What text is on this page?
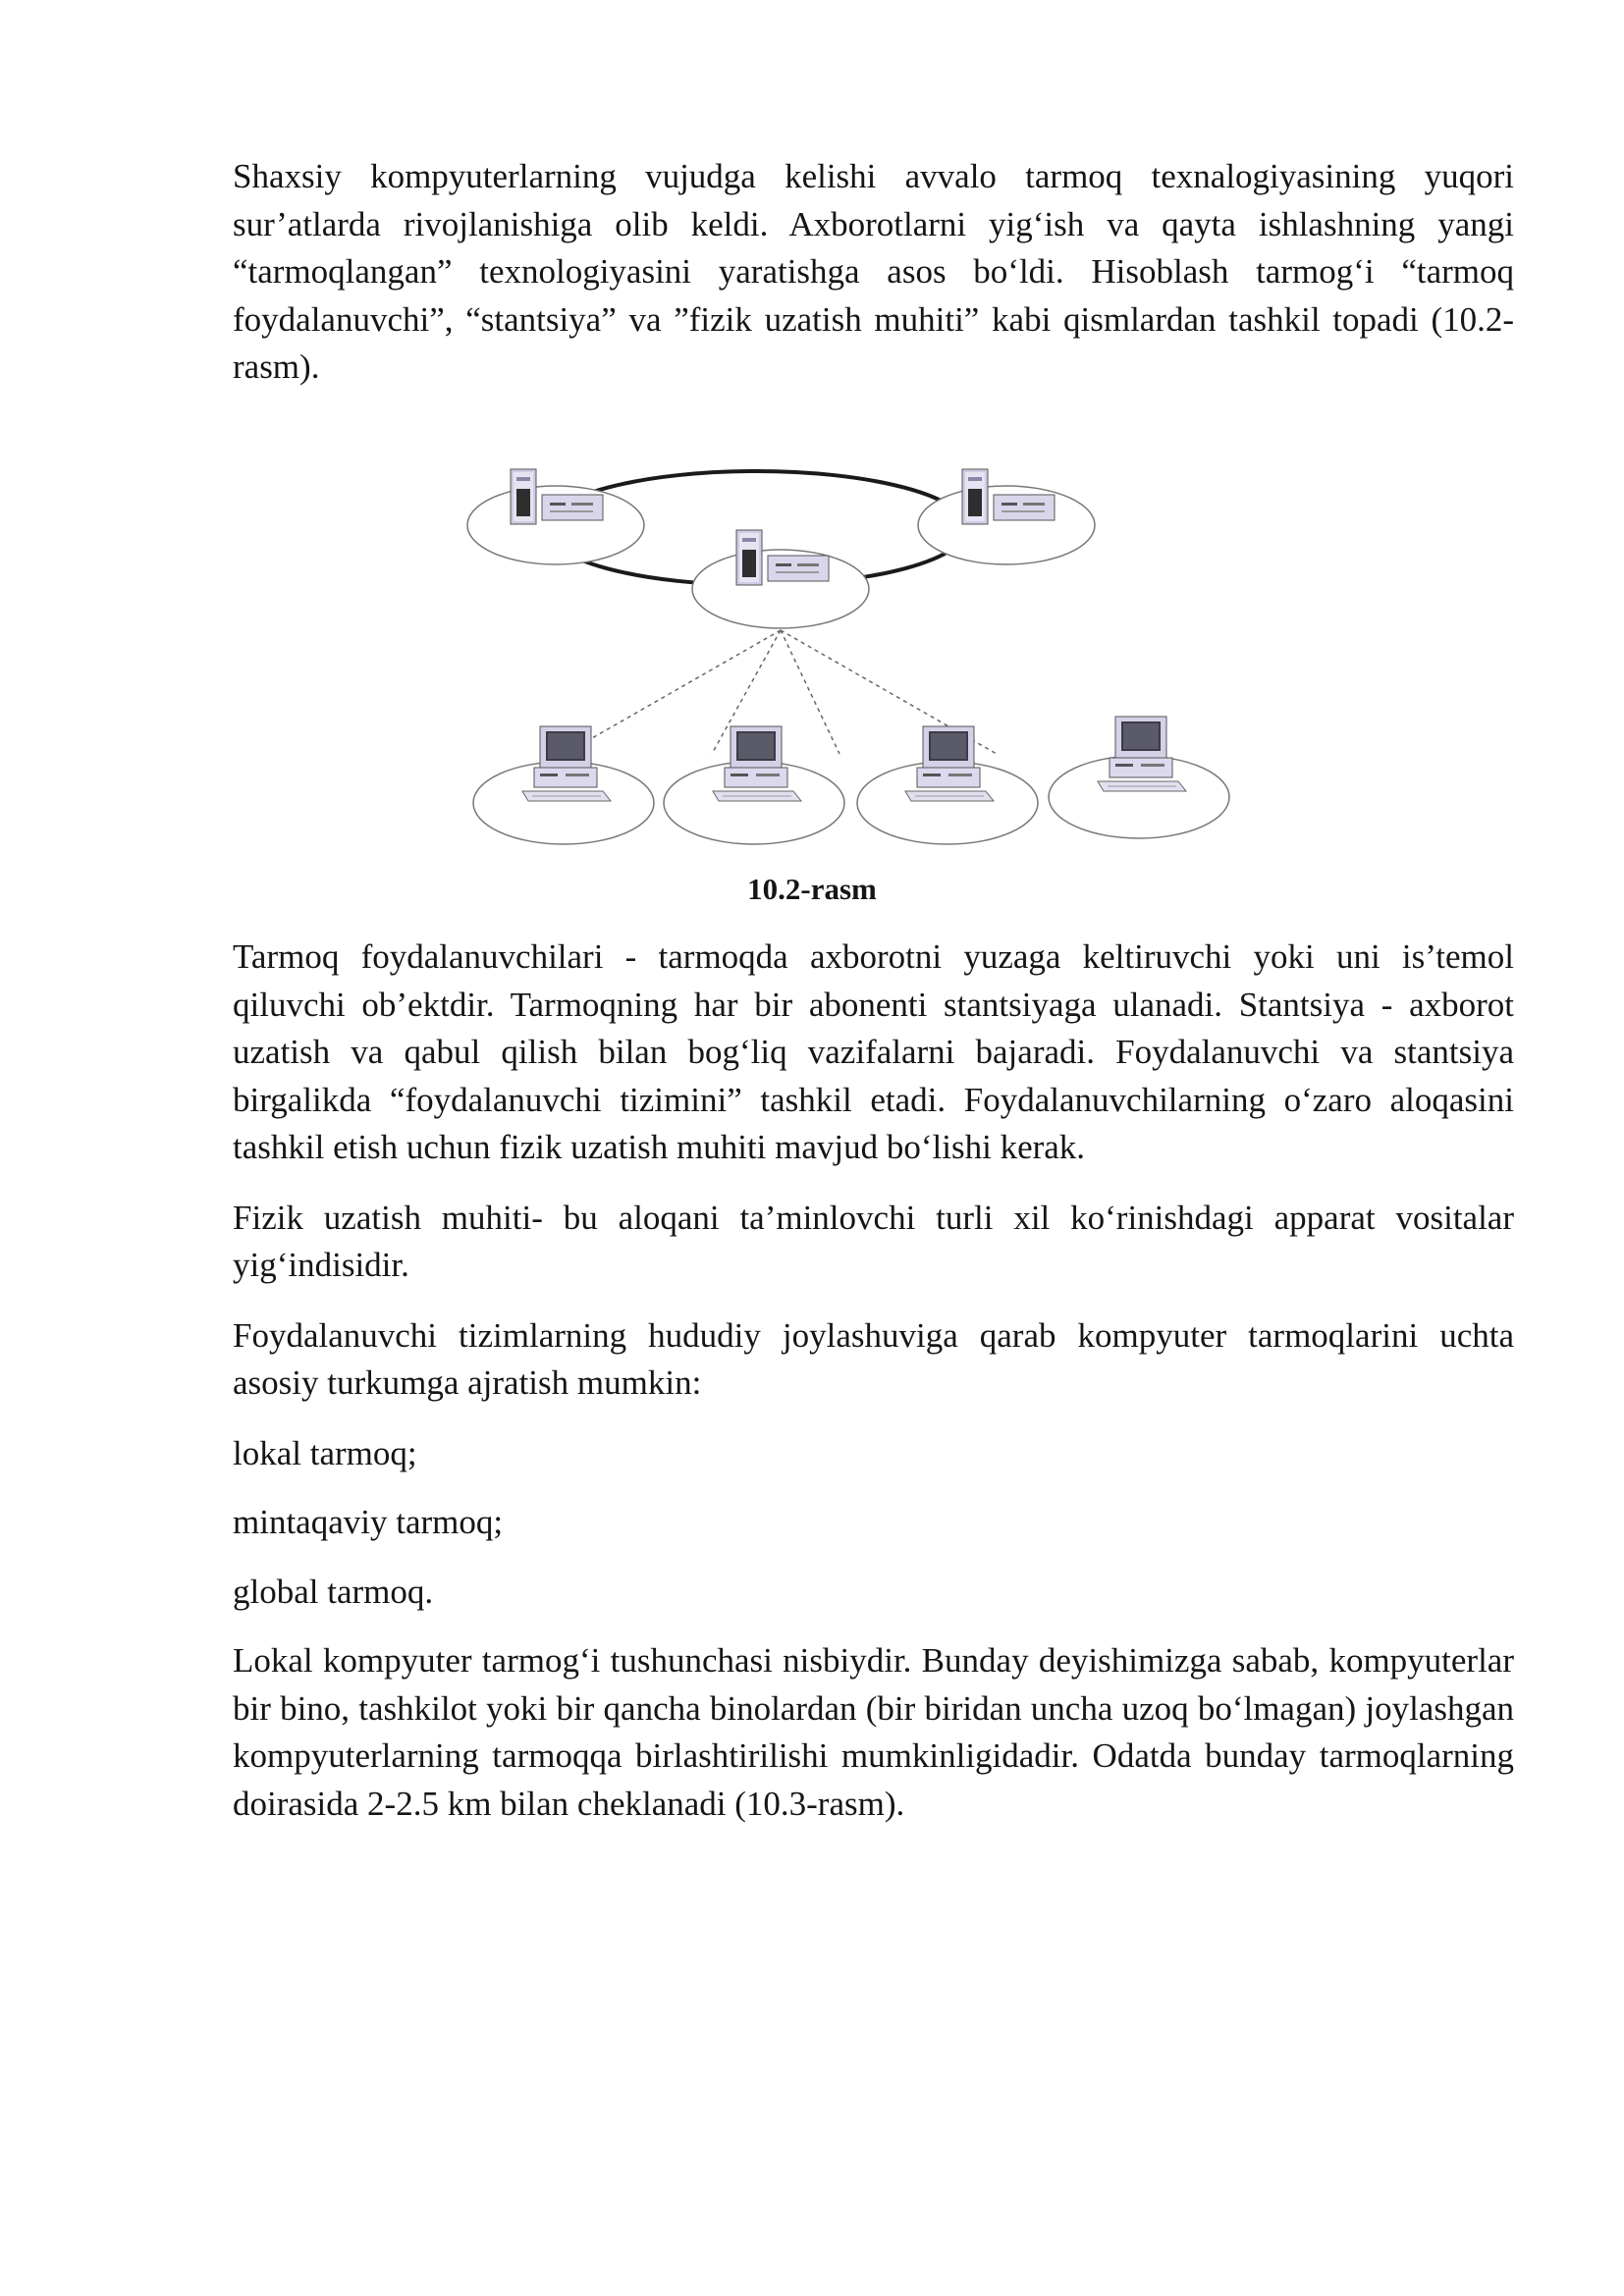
Shaxsiy kompyuterlarning vujudga kelishi avvalo tarmoq texnalogiyasining yuqori sur’atlarda rivojlanishiga olib keldi. Axborotlarni yig‘ish va qayta ishlashning yangi “tarmoqlangan” texnologiyasini yaratishga asos bo‘ldi. Hisoblash tarmog‘i “tarmoq foydalanuvchi”, “stantsiya” va ”fizik uzatish muhiti” kabi qismlardan tashkil topadi (10.2-rasm).

10.2-rasm

Tarmoq foydalanuvchilari - tarmoqda axborotni yuzaga keltiruvchi yoki uni is’temol qiluvchi ob’ektdir. Tarmoqning har bir abonenti stantsiyaga ulanadi. Stantsiya - axborot uzatish va qabul qilish bilan bog‘liq vazifalarni bajaradi. Foydalanuvchi va stantsiya birgalikda “foydalanuvchi tizimini” tashkil etadi. Foydalanuvchilarning o‘zaro aloqasini tashkil etish uchun fizik uzatish muhiti mavjud bo‘lishi kerak.

Fizik uzatish muhiti- bu aloqani ta’minlovchi turli xil ko‘rinishdagi apparat vositalar yig‘indisidir.

Foydalanuvchi tizimlarning hududiy joylashuviga qarab kompyuter tarmoqlarini uchta asosiy turkumga ajratish mumkin:

lokal tarmoq;

mintaqaviy tarmoq;

global tarmoq.

Lokal kompyuter tarmog‘i tushunchasi nisbiydir. Bunday deyishimizga sabab, kompyuterlar bir bino, tashkilot yoki bir qancha binolardan (bir biridan uncha uzoq bo‘lmagan) joylashgan kompyuterlarning tarmoqqa birlashtirilishi mumkinligidadir. Odatda bunday tarmoqlarning doirasida 2-2.5 km bilan cheklanadi (10.3-rasm).
